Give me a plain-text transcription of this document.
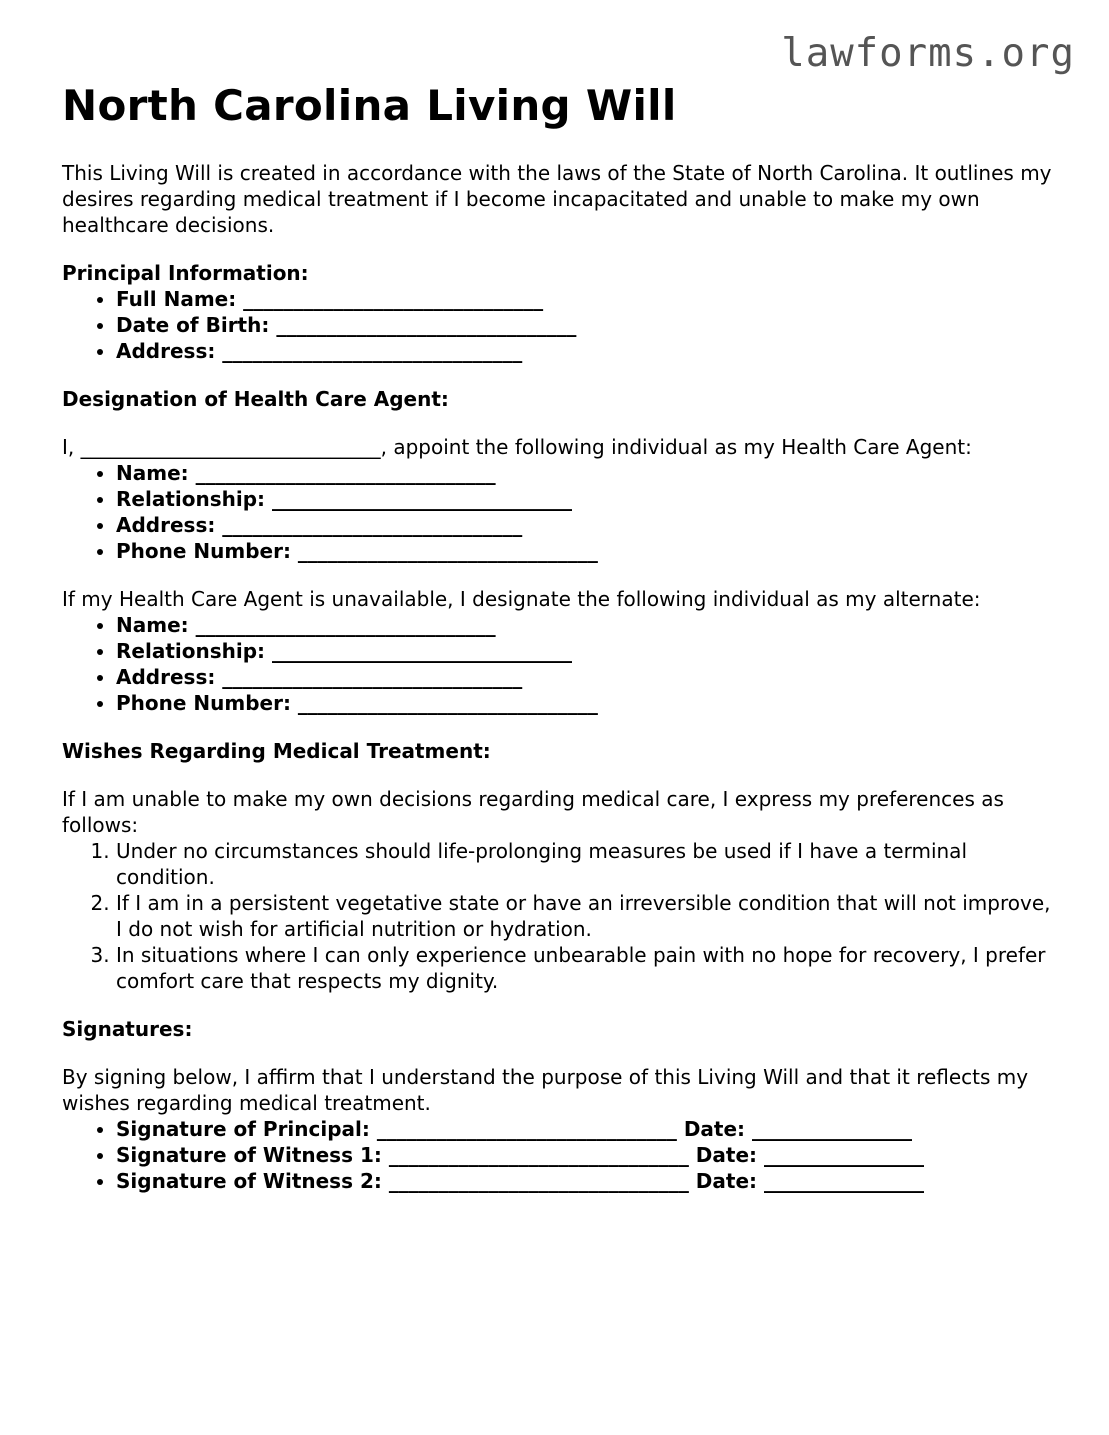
lawforms.org
North Carolina Living Will

This Living Will is created in accordance with the laws of the State of North Carolina. It outlines my desires regarding medical treatment if I become incapacitated and unable to make my own healthcare decisions.

Principal Information:

• Full Name: ______________________________
• Date of Birth: ______________________________
• Address: ______________________________

Designation of Health Care Agent:

I, ______________________________, appoint the following individual as my Health Care Agent:

• Name: ______________________________
• Relationship: ______________________________
• Address: ______________________________
• Phone Number: ______________________________

If my Health Care Agent is unavailable, I designate the following individual as my alternate:

• Name: ______________________________
• Relationship: ______________________________
• Address: ______________________________
• Phone Number: ______________________________

Wishes Regarding Medical Treatment:

If I am unable to make my own decisions regarding medical care, I express my preferences as follows:

1. Under no circumstances should life-prolonging measures be used if I have a terminal condition.
2. If I am in a persistent vegetative state or have an irreversible condition that will not improve, I do not wish for artificial nutrition or hydration.
3. In situations where I can only experience unbearable pain with no hope for recovery, I prefer comfort care that respects my dignity.

Signatures:

By signing below, I affirm that I understand the purpose of this Living Will and that it reflects my wishes regarding medical treatment.

• Signature of Principal: ______________________________ Date: ________________
• Signature of Witness 1: ______________________________ Date: ________________
• Signature of Witness 2: ______________________________ Date: ________________
